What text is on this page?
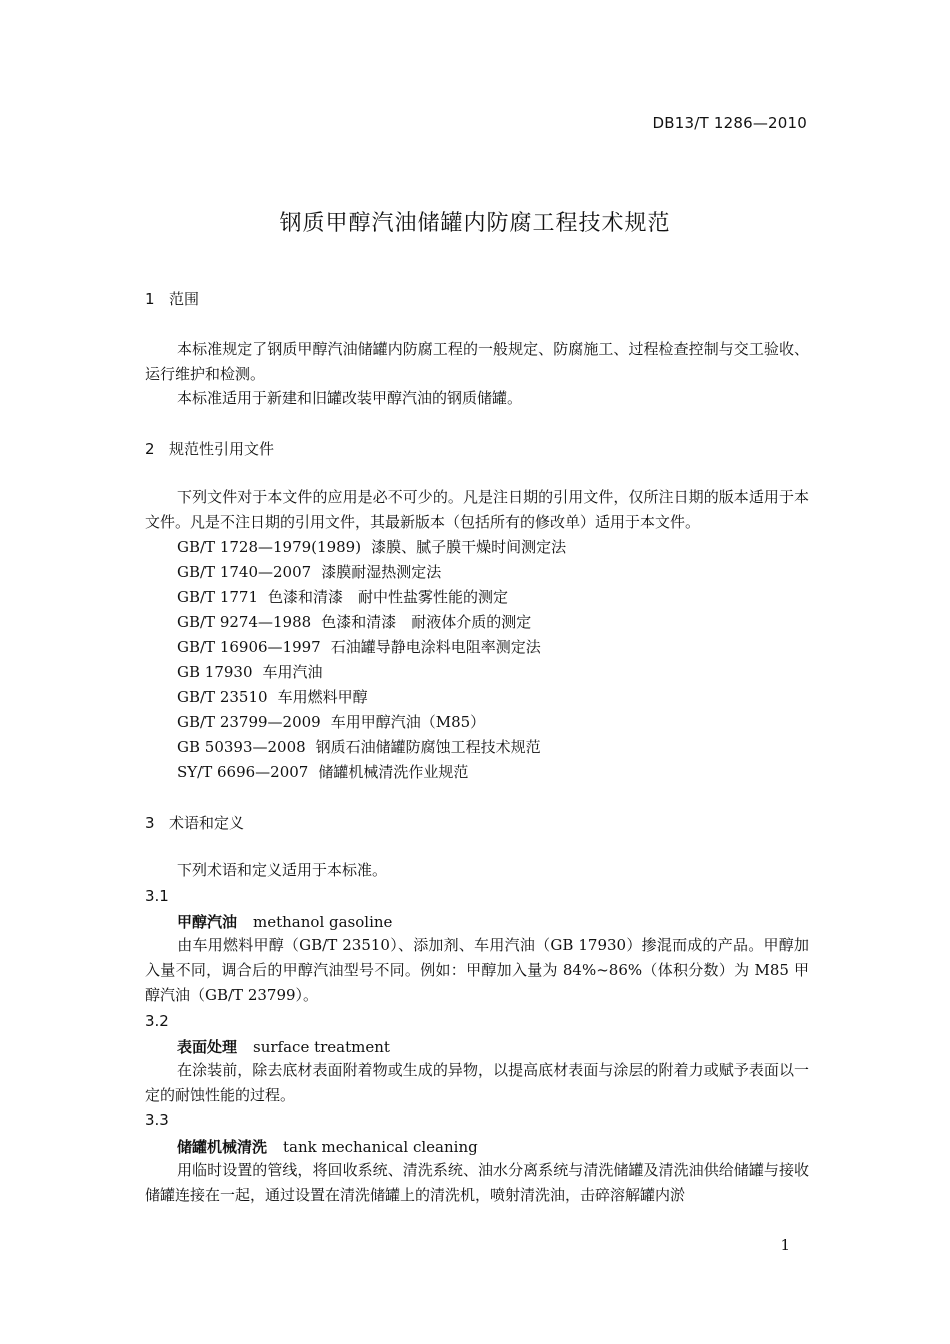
DB13/T 1286—2010
钢质甲醇汽油储罐内防腐工程技术规范
1 范围
本标准规定了钢质甲醇汽油储罐内防腐工程的一般规定、防腐施工、过程检查控制与交工验收、运行维护和检测。
本标准适用于新建和旧罐改装甲醇汽油的钢质储罐。
2 规范性引用文件
下列文件对于本文件的应用是必不可少的。凡是注日期的引用文件，仅所注日期的版本适用于本文件。凡是不注日期的引用文件，其最新版本（包括所有的修改单）适用于本文件。
GB/T 1728—1979(1989) 漆膜、腻子膜干燥时间测定法
GB/T 1740—2007 漆膜耐湿热测定法
GB/T 1771 色漆和清漆　耐中性盐雾性能的测定
GB/T 9274—1988 色漆和清漆　耐液体介质的测定
GB/T 16906—1997 石油罐导静电涂料电阻率测定法
GB 17930 车用汽油
GB/T 23510 车用燃料甲醇
GB/T 23799—2009 车用甲醇汽油（M85）
GB 50393—2008 钢质石油储罐防腐蚀工程技术规范
SY/T 6696—2007 储罐机械清洗作业规范
3 术语和定义
下列术语和定义适用于本标准。
3.1
甲醇汽油 methanol gasoline
由车用燃料甲醇（GB/T 23510）、添加剂、车用汽油（GB 17930）掺混而成的产品。甲醇加入量不同，调合后的甲醇汽油型号不同。例如：甲醇加入量为 84%~86%（体积分数）为 M85 甲醇汽油（GB/T 23799）。
3.2
表面处理 surface treatment
在涂装前，除去底材表面附着物或生成的异物，以提高底材表面与涂层的附着力或赋予表面以一定的耐蚀性能的过程。
3.3
储罐机械清洗 tank mechanical cleaning
用临时设置的管线，将回收系统、清洗系统、油水分离系统与清洗储罐及清洗油供给储罐与接收储罐连接在一起，通过设置在清洗储罐上的清洗机，喷射清洗油，击碎溶解罐内淤
1
